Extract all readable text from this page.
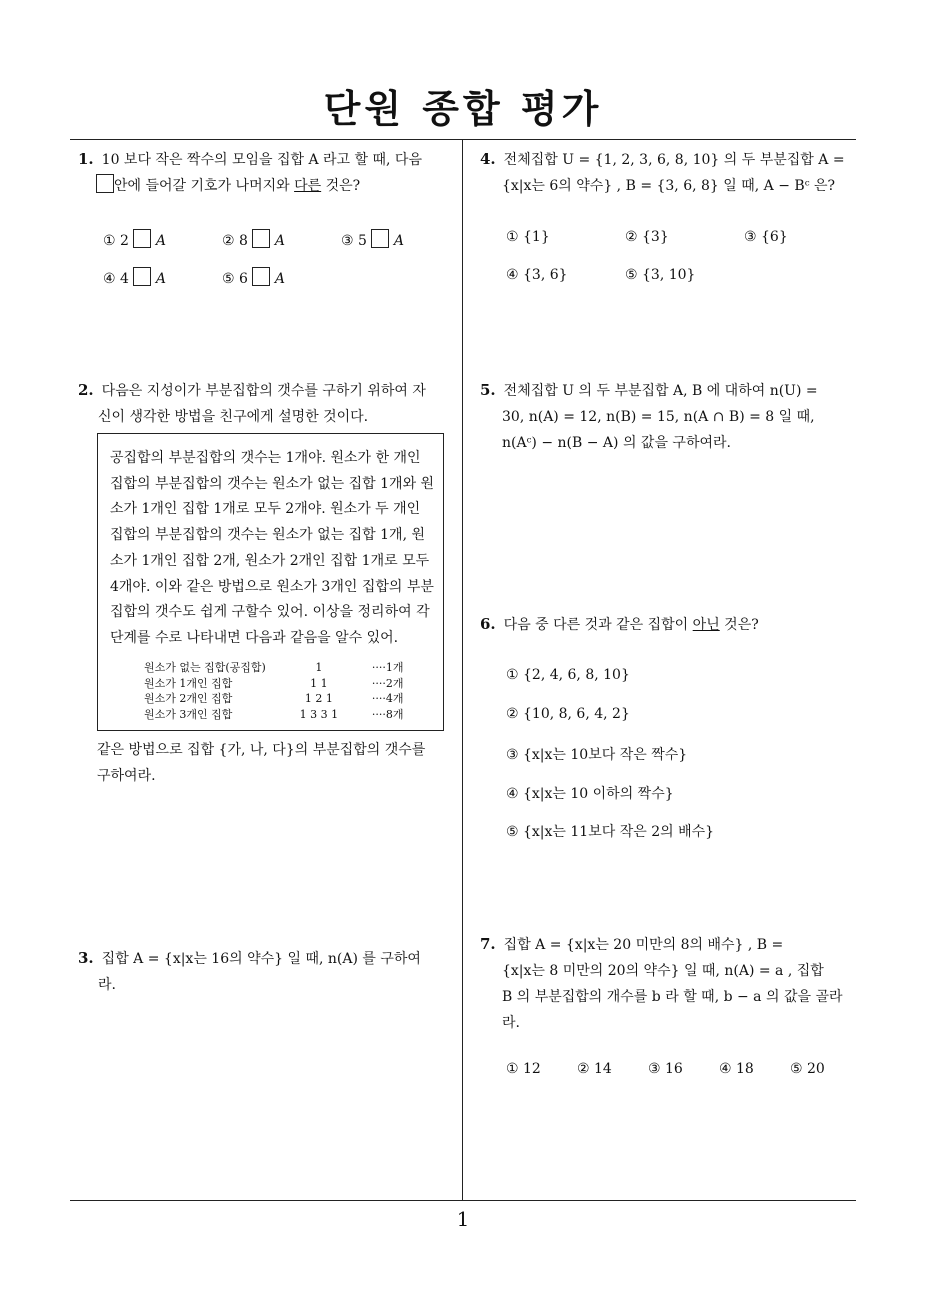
단원 종합 평가
1. 10 보다 작은 짝수의 모임을 집합 A 라고 할 때, 다음
안에 들어갈 기호가 나머지와 다른 것은?
① 2 A	② 8 A	③ 5 A
④ 4 A	⑤ 6 A
2. 다음은 지성이가 부분집합의 갯수를 구하기 위하여 자
신이 생각한 방법을 친구에게 설명한 것이다.
공집합의 부분집합의 갯수는 1개야. 원소가 한 개인 집합의 부분집합의 갯수는 원소가 없는 집합 1개와 원소가 1개인 집합 1개로 모두 2개야. 원소가 두 개인 집합의 부분집합의 갯수는 원소가 없는 집합 1개, 원소가 1개인 집합 2개, 원소가 2개인 집합 1개로 모두 4개야. 이와 같은 방법으로 원소가 3개인 집합의 부분집합의 갯수도 쉽게 구할수 있어. 이상을 정리하여 각 단계를 수로 나타내면 다음과 같음을 알수 있어.
원소가 없는 집합(공집합)	1	····1개
원소가 1개인 집합	1 1	····2개
원소가 2개인 집합	1 2 1	····4개
원소가 3개인 집합	1 3 3 1	····8개
같은 방법으로 집합 {가, 나, 다}의 부분집합의 갯수를
구하여라.
3. 집합 A = {x|x는 16의 약수} 일 때, n(A) 를 구하여
라.
4. 전체집합 U = {1, 2, 3, 6, 8, 10} 의 두 부분집합 A =
{x|x는 6의 약수} , B = {3, 6, 8} 일 때, A − Bᶜ 은?
① {1}	② {3}	③ {6}
④ {3, 6}	⑤ {3, 10}
5. 전체집합 U 의 두 부분집합 A, B 에 대하여 n(U) =
30, n(A) = 12, n(B) = 15, n(A ∩ B) = 8 일 때,
n(Aᶜ) − n(B − A) 의 값을 구하여라.
6. 다음 중 다른 것과 같은 집합이 아닌 것은?
① {2, 4, 6, 8, 10}
② {10, 8, 6, 4, 2}
③ {x|x는 10보다 작은 짝수}
④ {x|x는 10 이하의 짝수}
⑤ {x|x는 11보다 작은 2의 배수}
7. 집합 A = {x|x는 20 미만의 8의 배수} , B =
{x|x는 8 미만의 20의 약수} 일 때, n(A) = a , 집합
B 의 부분집합의 개수를 b 라 할 때, b − a 의 값을 골라
라.
① 12	② 14	③ 16	④ 18	⑤ 20
1
